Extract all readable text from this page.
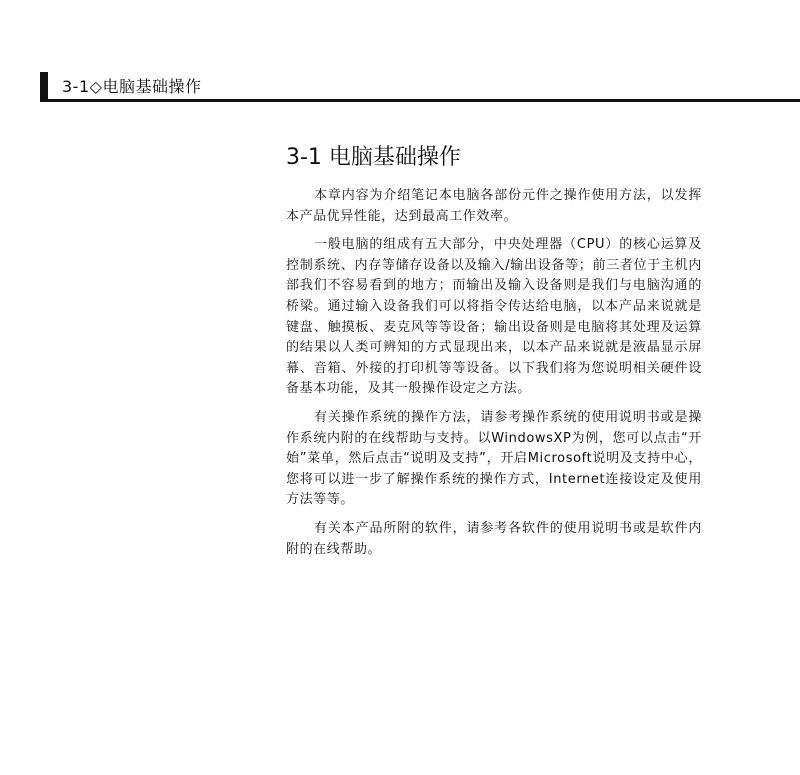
3-1◇电脑基础操作
3-1 电脑基础操作

本章内容为介绍笔记本电脑各部份元件之操作使用方法，以发挥本产品优异性能，达到最高工作效率。

一般电脑的组成有五大部分，中央处理器（CPU）的核心运算及控制系统、内存等储存设备以及输入/输出设备等；前三者位于主机内部我们不容易看到的地方；而输出及输入设备则是我们与电脑沟通的桥梁。通过输入设备我们可以将指令传达给电脑，以本产品来说就是键盘、触摸板、麦克风等等设备；输出设备则是电脑将其处理及运算的结果以人类可辨知的方式显现出来，以本产品来说就是液晶显示屏幕、音箱、外接的打印机等等设备。以下我们将为您说明相关硬件设备基本功能，及其一般操作设定之方法。

有关操作系统的操作方法，请参考操作系统的使用说明书或是操作系统内附的在线帮助与支持。以WindowsXP为例，您可以点击“开始”菜单，然后点击“说明及支持”，开启Microsoft说明及支持中心，您将可以进一步了解操作系统的操作方式，Internet连接设定及使用方法等等。

有关本产品所附的软件，请参考各软件的使用说明书或是软件内附的在线帮助。
